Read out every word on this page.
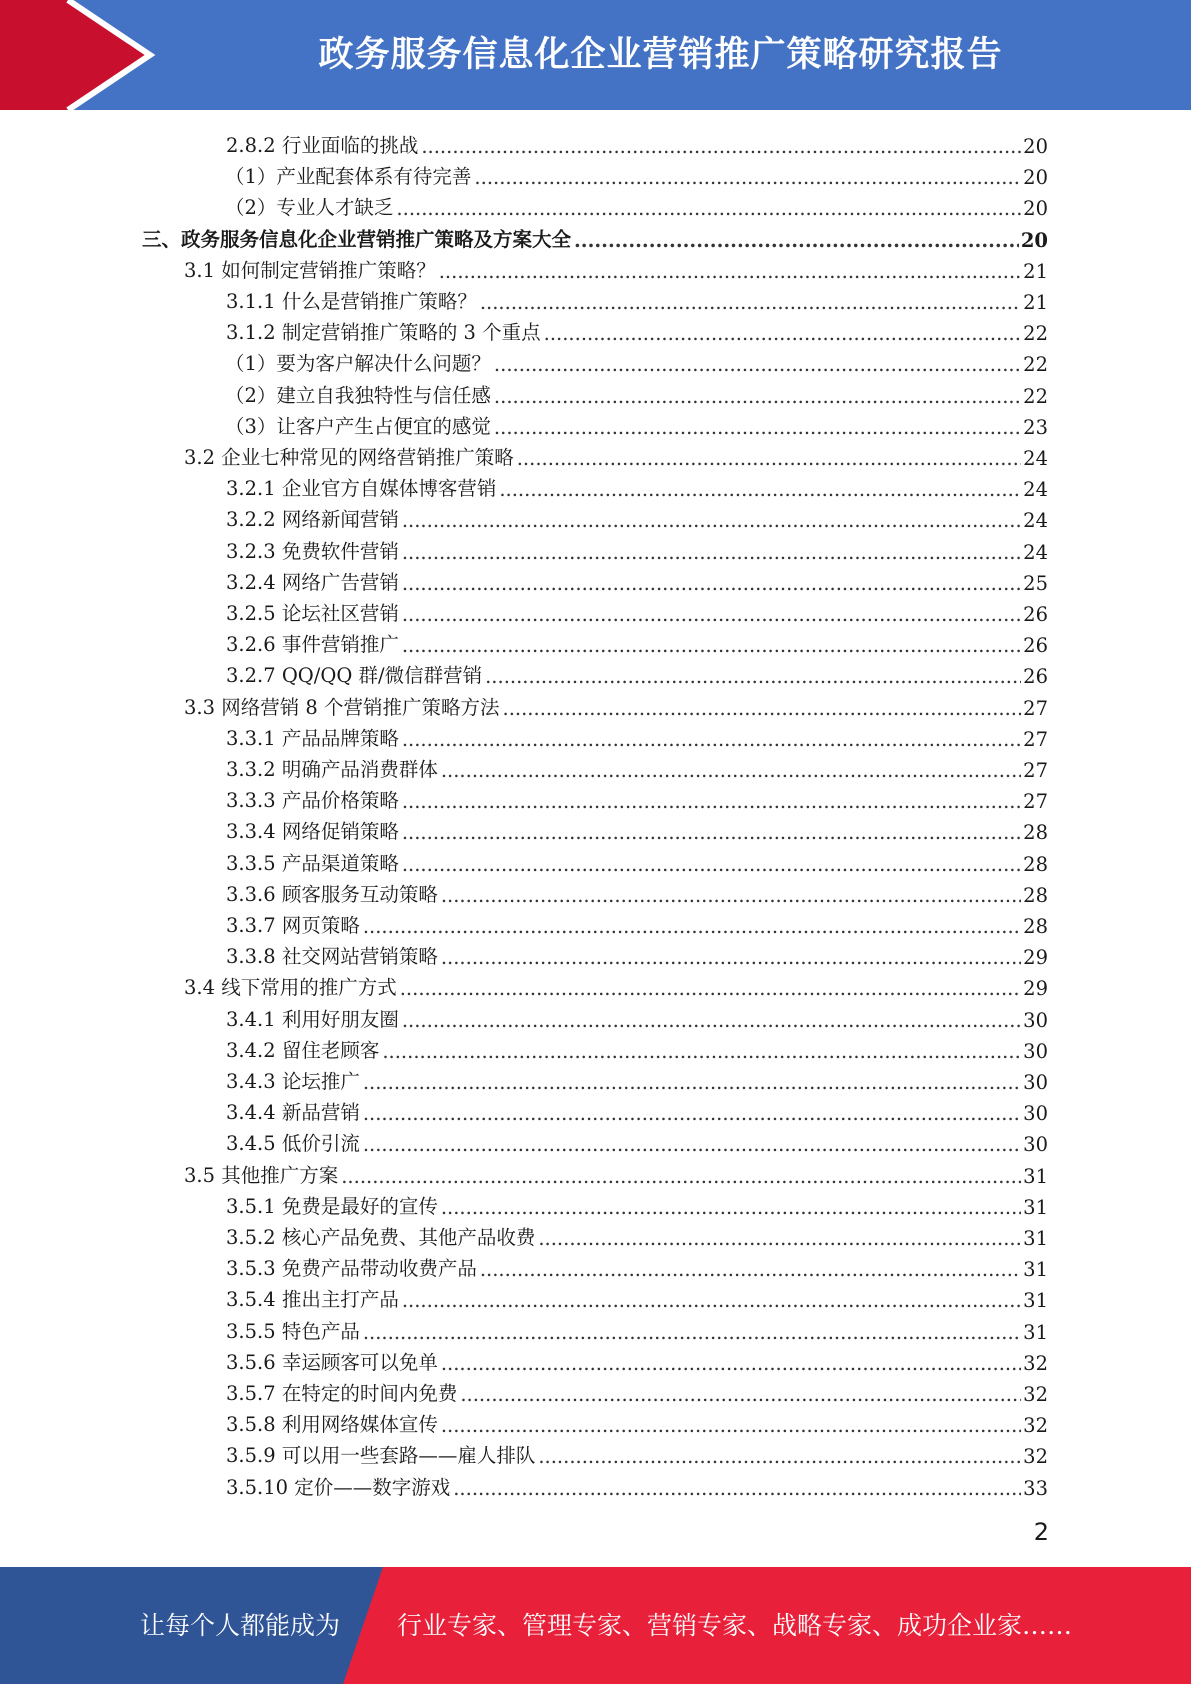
政务服务信息化企业营销推广策略研究报告
2.8.2 行业面临的挑战 .....	20
（1）产业配套体系有待完善 .....	20
（2）专业人才缺乏 .....	20
三、政务服务信息化企业营销推广策略及方案大全 .....	20
3.1 如何制定营销推广策略？ .....	21
3.1.1 什么是营销推广策略？ .....	21
3.1.2 制定营销推广策略的 3 个重点 .....	22
（1）要为客户解决什么问题？ .....	22
（2）建立自我独特性与信任感 .....	22
（3）让客户产生占便宜的感觉 .....	23
3.2 企业七种常见的网络营销推广策略 .....	24
3.2.1 企业官方自媒体博客营销 .....	24
3.2.2 网络新闻营销 .....	24
3.2.3 免费软件营销 .....	24
3.2.4 网络广告营销 .....	25
3.2.5 论坛社区营销 .....	26
3.2.6 事件营销推广 .....	26
3.2.7 QQ/QQ 群/微信群营销 .....	26
3.3 网络营销 8 个营销推广策略方法 .....	27
3.3.1 产品品牌策略 .....	27
3.3.2 明确产品消费群体 .....	27
3.3.3 产品价格策略 .....	27
3.3.4 网络促销策略 .....	28
3.3.5 产品渠道策略 .....	28
3.3.6 顾客服务互动策略 .....	28
3.3.7 网页策略 .....	28
3.3.8 社交网站营销策略 .....	29
3.4 线下常用的推广方式 .....	29
3.4.1 利用好朋友圈 .....	30
3.4.2 留住老顾客 .....	30
3.4.3 论坛推广 .....	30
3.4.4 新品营销 .....	30
3.4.5 低价引流 .....	30
3.5 其他推广方案 .....	31
3.5.1 免费是最好的宣传 .....	31
3.5.2 核心产品免费、其他产品收费 .....	31
3.5.3 免费产品带动收费产品 .....	31
3.5.4 推出主打产品 .....	31
3.5.5 特色产品 .....	31
3.5.6 幸运顾客可以免单 .....	32
3.5.7 在特定的时间内免费 .....	32
3.5.8 利用网络媒体宣传 .....	32
3.5.9 可以用一些套路——雇人排队 .....	32
3.5.10 定价——数字游戏 .....	33
2
让每个人都能成为 行业专家、管理专家、营销专家、战略专家、成功企业家……
